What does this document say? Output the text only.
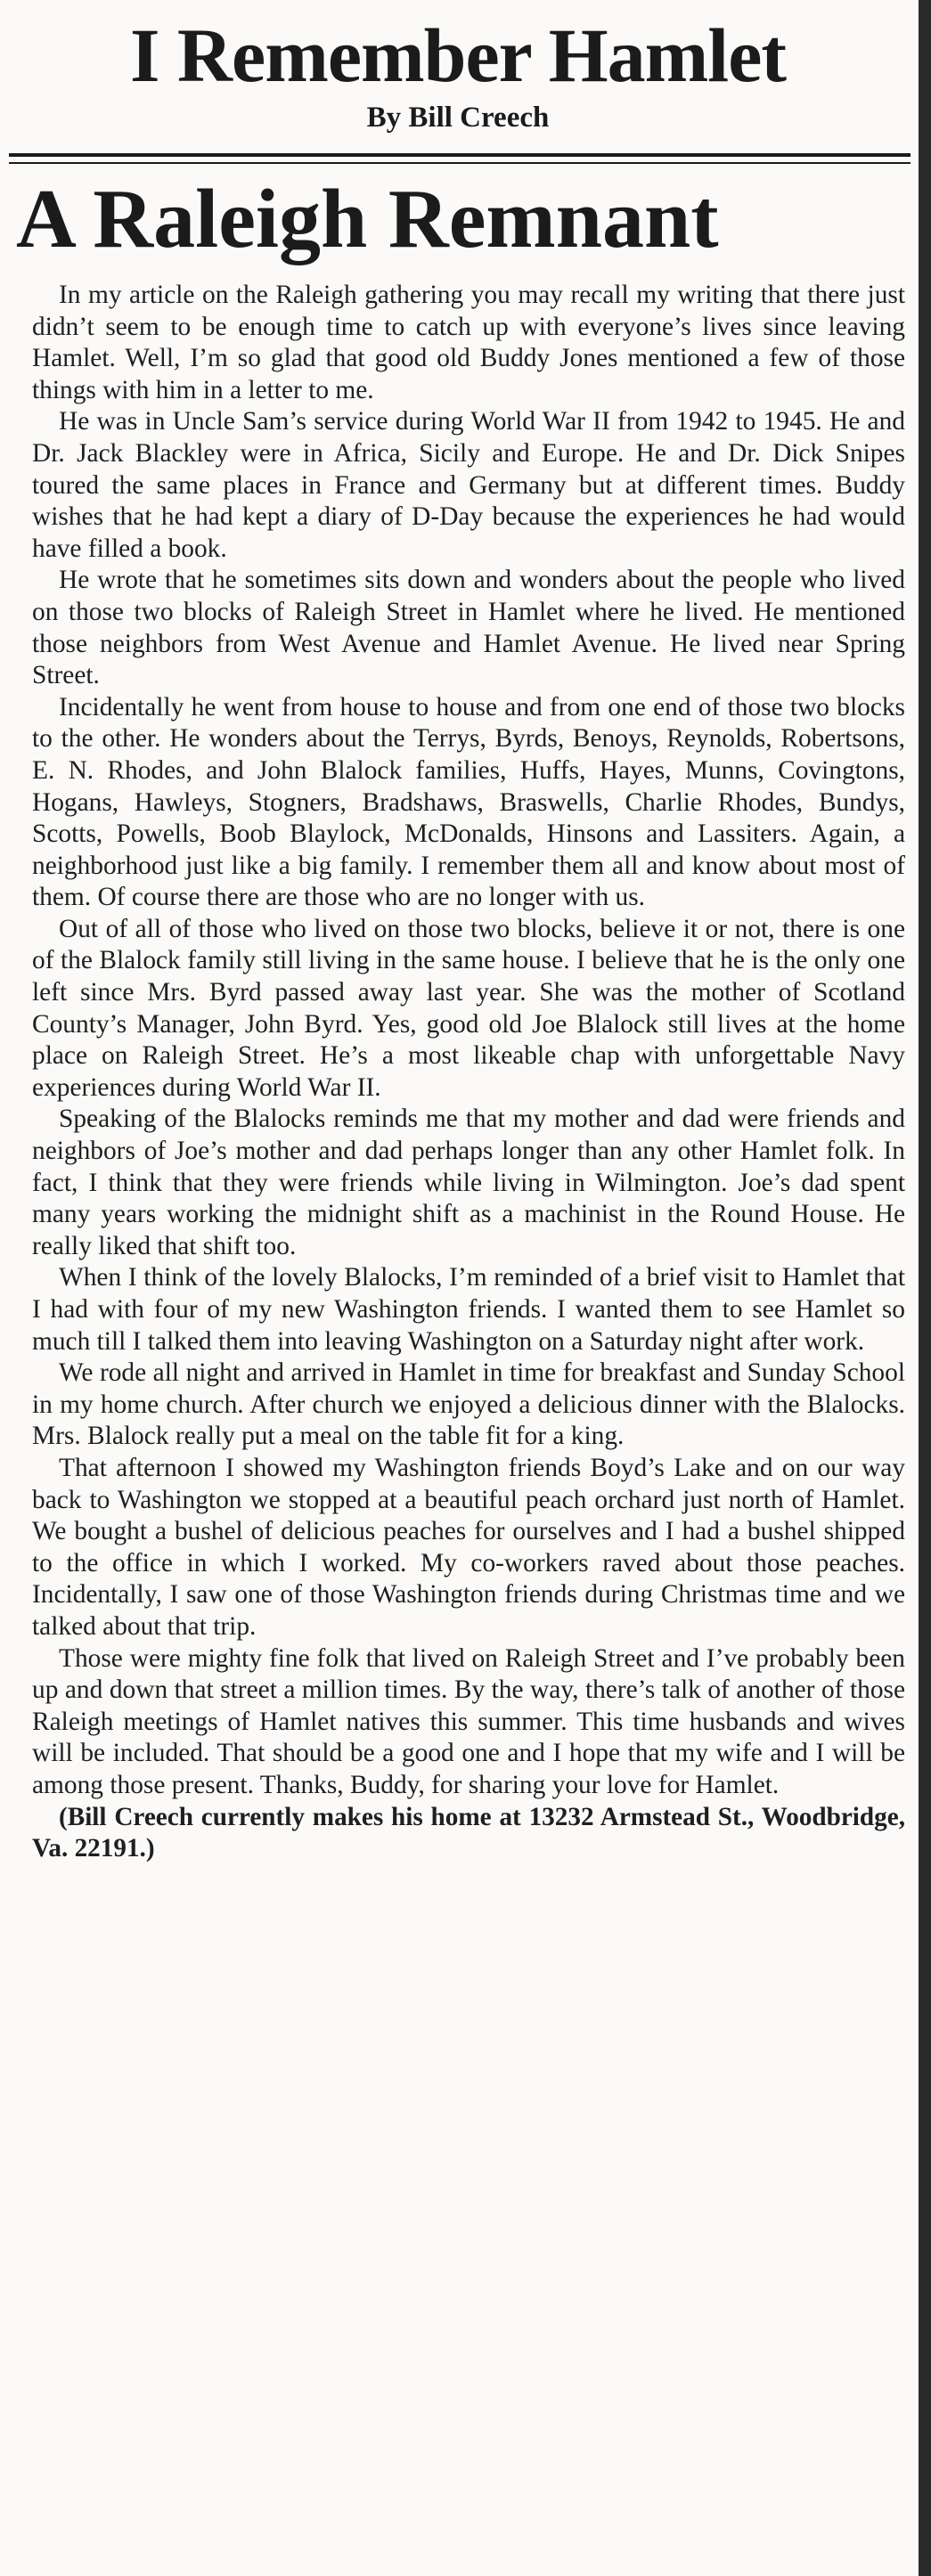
I Remember Hamlet
By Bill Creech
A Raleigh Remnant

In my article on the Raleigh gathering you may recall my writing that there just didn’t seem to be enough time to catch up with everyone’s lives since leaving Hamlet. Well, I’m so glad that good old Buddy Jones mentioned a few of those things with him in a letter to me.

He was in Uncle Sam’s service during World War II from 1942 to 1945. He and Dr. Jack Blackley were in Africa, Sicily and Europe. He and Dr. Dick Snipes toured the same places in France and Germany but at different times. Buddy wishes that he had kept a diary of D-Day because the experiences he had would have filled a book.

He wrote that he sometimes sits down and wonders about the people who lived on those two blocks of Raleigh Street in Hamlet where he lived. He mentioned those neighbors from West Avenue and Hamlet Avenue. He lived near Spring Street.

Incidentally he went from house to house and from one end of those two blocks to the other. He wonders about the Terrys, Byrds, Benoys, Reynolds, Robertsons, E. N. Rhodes, and John Blalock families, Huffs, Hayes, Munns, Covingtons, Hogans, Hawleys, Stogners, Bradshaws, Braswells, Charlie Rhodes, Bundys, Scotts, Powells, Boob Blaylock, McDonalds, Hinsons and Lassiters. Again, a neighborhood just like a big family. I remember them all and know about most of them. Of course there are those who are no longer with us.

Out of all of those who lived on those two blocks, believe it or not, there is one of the Blalock family still living in the same house. I believe that he is the only one left since Mrs. Byrd passed away last year. She was the mother of Scotland County’s Manager, John Byrd. Yes, good old Joe Blalock still lives at the home place on Raleigh Street. He’s a most likeable chap with unforgettable Navy experiences during World War II.

Speaking of the Blalocks reminds me that my mother and dad were friends and neighbors of Joe’s mother and dad perhaps longer than any other Hamlet folk. In fact, I think that they were friends while living in Wilmington. Joe’s dad spent many years working the midnight shift as a machinist in the Round House. He really liked that shift too.

When I think of the lovely Blalocks, I’m reminded of a brief visit to Hamlet that I had with four of my new Washington friends. I wanted them to see Hamlet so much till I talked them into leaving Washington on a Saturday night after work.

We rode all night and arrived in Hamlet in time for breakfast and Sunday School in my home church. After church we enjoyed a delicious dinner with the Blalocks. Mrs. Blalock really put a meal on the table fit for a king.

That afternoon I showed my Washington friends Boyd’s Lake and on our way back to Washington we stopped at a beautiful peach orchard just north of Hamlet. We bought a bushel of delicious peaches for ourselves and I had a bushel shipped to the office in which I worked. My co-workers raved about those peaches. Incidentally, I saw one of those Washington friends during Christmas time and we talked about that trip.

Those were mighty fine folk that lived on Raleigh Street and I’ve probably been up and down that street a million times. By the way, there’s talk of another of those Raleigh meetings of Hamlet natives this summer. This time husbands and wives will be included. That should be a good one and I hope that my wife and I will be among those present. Thanks, Buddy, for sharing your love for Hamlet.

(Bill Creech currently makes his home at 13232 Armstead St., Woodbridge, Va. 22191.)
